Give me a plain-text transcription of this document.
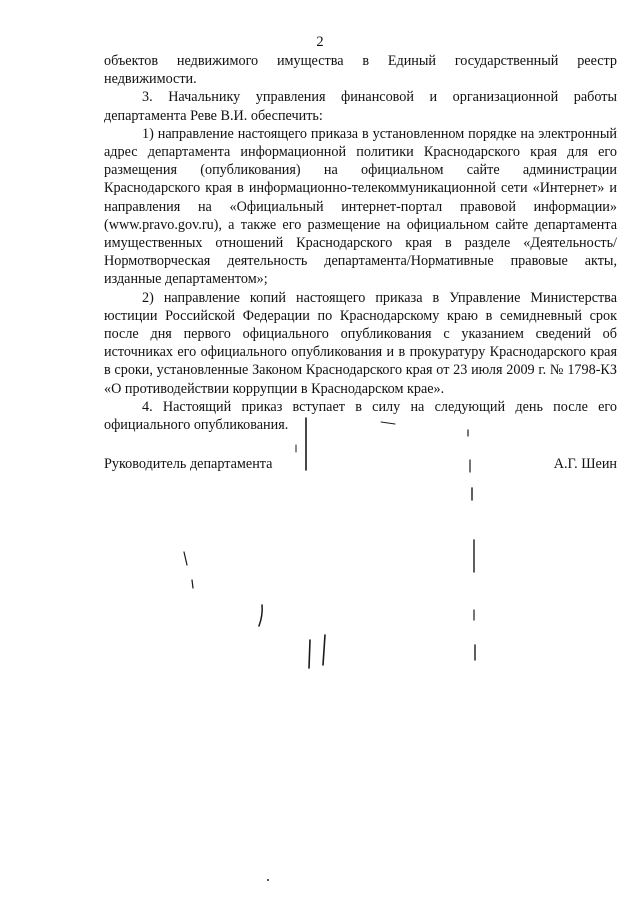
2

объектов недвижимого имущества в Единый государственный реестр недвижимости.

3. Начальнику управления финансовой и организационной работы департамента Реве В.И. обеспечить:

1) направление настоящего приказа в установленном порядке на электронный адрес департамента информационной политики Краснодарского края для его размещения (опубликования) на официальном сайте администрации Краснодарского края в информационно-телекоммуникационной сети «Интернет» и направления на «Официальный интернет-портал правовой информации» (www.pravo.gov.ru), а также его размещение на официальном сайте департамента имущественных отношений Краснодарского края в разделе «Деятельность/Нормотворческая деятельность департамента/Нормативные правовые акты, изданные департаментом»;

2) направление копий настоящего приказа в Управление Министерства юстиции Российской Федерации по Краснодарскому краю в семидневный срок после дня первого официального опубликования с указанием сведений об источниках его официального опубликования и в прокуратуру Краснодарского края в сроки, установленные Законом Краснодарского края от 23 июля 2009 г. № 1798-КЗ «О противодействии коррупции в Краснодарском крае».

4. Настоящий приказ вступает в силу на следующий день после его официального опубликования.

Руководитель департамента	А.Г. Шеин
